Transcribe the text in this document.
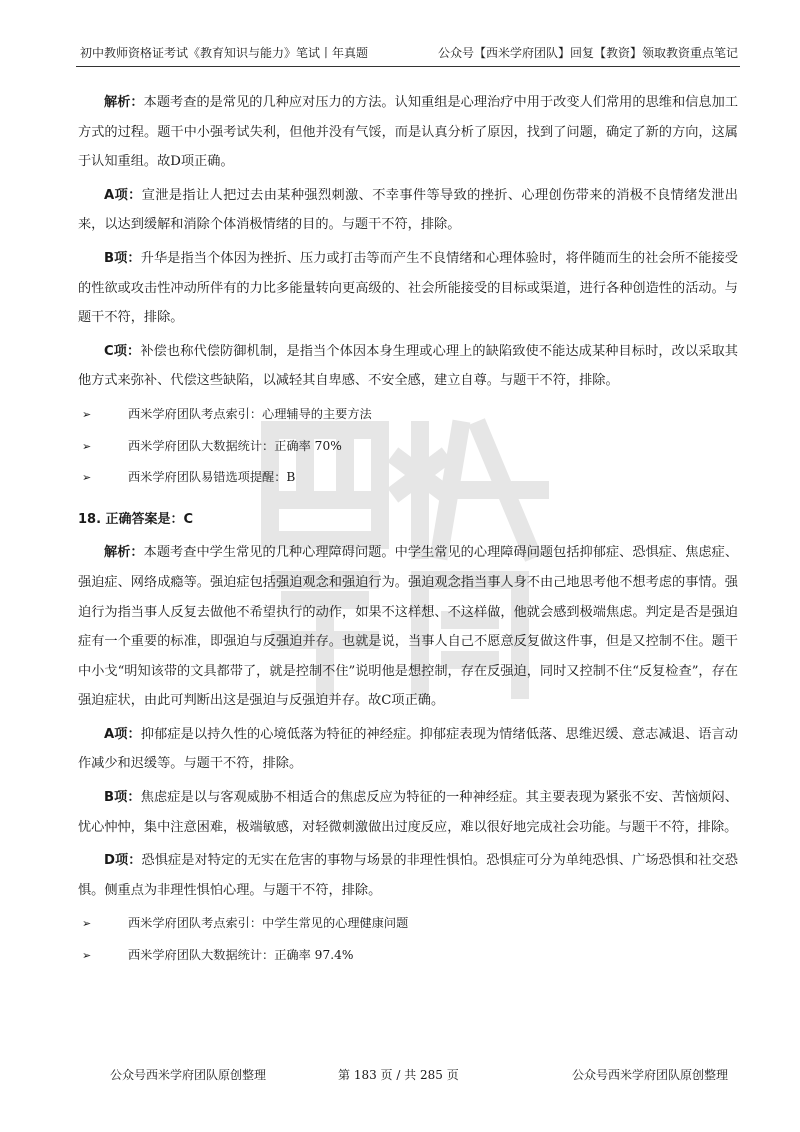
初中教师资格证考试《教育知识与能力》笔试丨年真题	公众号【西米学府团队】回复【教资】领取教资重点笔记

解析：本题考查的是常见的几种应对压力的方法。认知重组是心理治疗中用于改变人们常用的思维和信息加工方式的过程。题干中小强考试失利，但他并没有气馁，而是认真分析了原因，找到了问题，确定了新的方向，这属于认知重组。故D项正确。

A项：宣泄是指让人把过去由某种强烈刺激、不幸事件等导致的挫折、心理创伤带来的消极不良情绪发泄出来，以达到缓解和消除个体消极情绪的目的。与题干不符，排除。

B项：升华是指当个体因为挫折、压力或打击等而产生不良情绪和心理体验时，将伴随而生的社会所不能接受的性欲或攻击性冲动所伴有的力比多能量转向更高级的、社会所能接受的目标或渠道，进行各种创造性的活动。与题干不符，排除。

C项：补偿也称代偿防御机制，是指当个体因本身生理或心理上的缺陷致使不能达成某种目标时，改以采取其他方式来弥补、代偿这些缺陷，以减轻其自卑感、不安全感，建立自尊。与题干不符，排除。

➢	西米学府团队考点索引：心理辅导的主要方法
➢	西米学府团队大数据统计：正确率 70%
➢	西米学府团队易错选项提醒：B
18. 正确答案是：C

解析：本题考查中学生常见的几种心理障碍问题。中学生常见的心理障碍问题包括抑郁症、恐惧症、焦虑症、强迫症、网络成瘾等。强迫症包括强迫观念和强迫行为。强迫观念指当事人身不由己地思考他不想考虑的事情。强迫行为指当事人反复去做他不希望执行的动作，如果不这样想、不这样做，他就会感到极端焦虑。判定是否是强迫症有一个重要的标准，即强迫与反强迫并存。也就是说，当事人自己不愿意反复做这件事，但是又控制不住。题干中小戈“明知该带的文具都带了，就是控制不住”说明他是想控制，存在反强迫，同时又控制不住“反复检查”，存在强迫症状，由此可判断出这是强迫与反强迫并存。故C项正确。

A项：抑郁症是以持久性的心境低落为特征的神经症。抑郁症表现为情绪低落、思维迟缓、意志减退、语言动作减少和迟缓等。与题干不符，排除。

B项：焦虑症是以与客观威胁不相适合的焦虑反应为特征的一种神经症。其主要表现为紧张不安、苦恼烦闷、忧心忡忡，集中注意困难，极端敏感，对轻微刺激做出过度反应，难以很好地完成社会功能。与题干不符，排除。

D项：恐惧症是对特定的无实在危害的事物与场景的非理性惧怕。恐惧症可分为单纯恐惧、广场恐惧和社交恐惧。侧重点为非理性惧怕心理。与题干不符，排除。

➢	西米学府团队考点索引：中学生常见的心理健康问题
➢	西米学府团队大数据统计：正确率 97.4%
公众号西米学府团队原创整理	第 183 页 / 共 285 页	公众号西米学府团队原创整理
